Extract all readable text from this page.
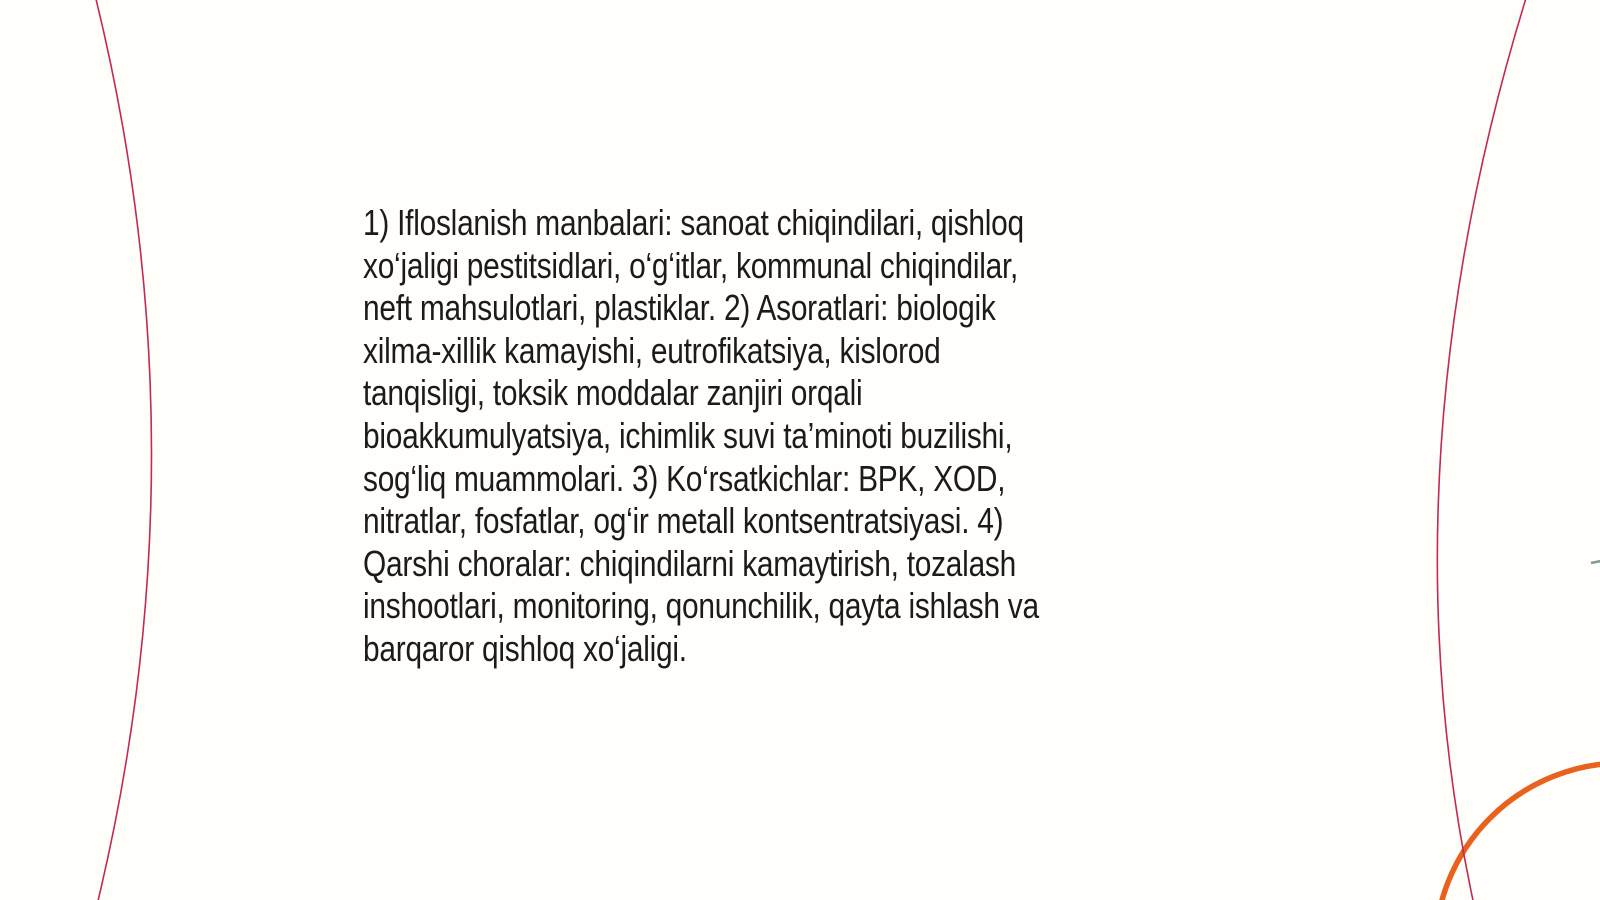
1) Ifloslanish manbalari: sanoat chiqindilari, qishloq
xo‘jaligi pestitsidlari, o‘g‘itlar, kommunal chiqindilar,
neft mahsulotlari, plastiklar. 2) Asoratlari: biologik
xilma-xillik kamayishi, eutrofikatsiya, kislorod
tanqisligi, toksik moddalar zanjiri orqali
bioakkumulyatsiya, ichimlik suvi ta’minoti buzilishi,
sog‘liq muammolari. 3) Ko‘rsatkichlar: BPK, XOD,
nitratlar, fosfatlar, og‘ir metall kontsentratsiyasi. 4)
Qarshi choralar: chiqindilarni kamaytirish, tozalash
inshootlari, monitoring, qonunchilik, qayta ishlash va
barqaror qishloq xo‘jaligi.
